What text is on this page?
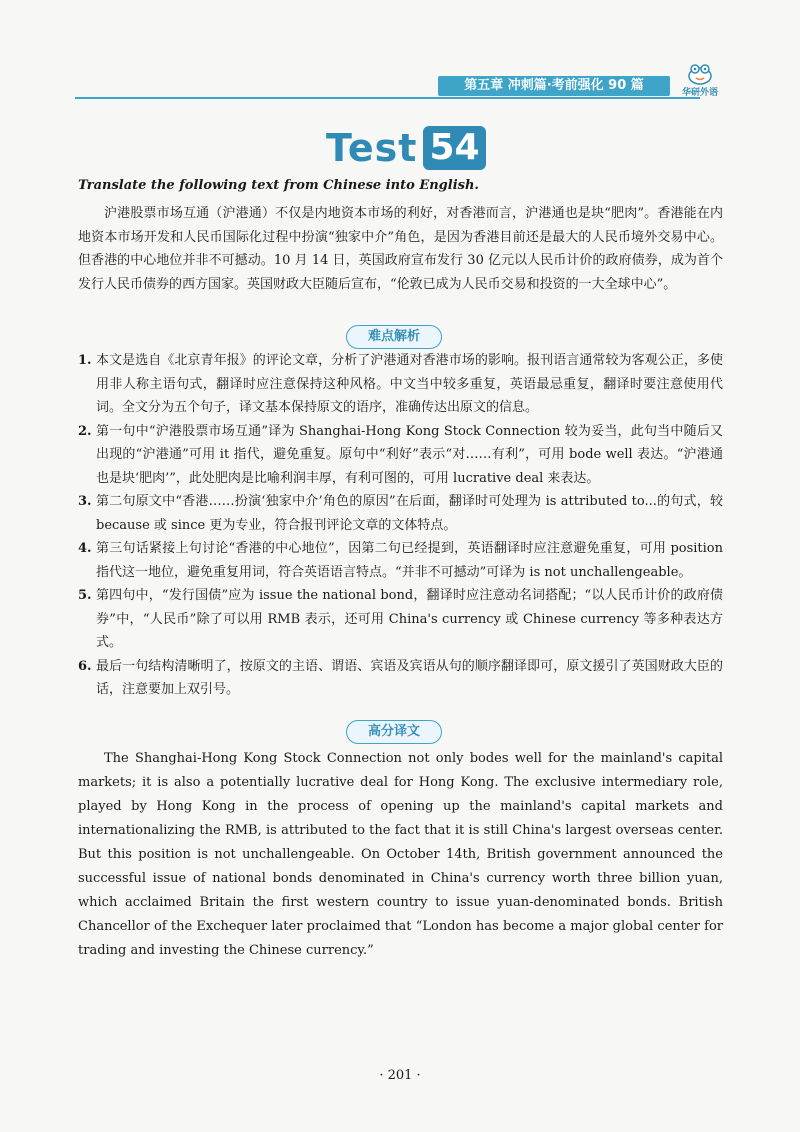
第五章 冲刺篇·考前强化 90 篇	华研外语
Test 54
Translate the following text from Chinese into English.

沪港股票市场互通（沪港通）不仅是内地资本市场的利好，对香港而言，沪港通也是块“肥肉”。香港能在内地资本市场开发和人民币国际化过程中扮演“独家中介”角色，是因为香港目前还是最大的人民币境外交易中心。但香港的中心地位并非不可撼动。10 月 14 日，英国政府宣布发行 30 亿元以人民币计价的政府债券，成为首个发行人民币债券的西方国家。英国财政大臣随后宣布，“伦敦已成为人民币交易和投资的一大全球中心”。

难点解析
1. 本文是选自《北京青年报》的评论文章，分析了沪港通对香港市场的影响。报刊语言通常较为客观公正，多使用非人称主语句式，翻译时应注意保持这种风格。中文当中较多重复，英语最忌重复，翻译时要注意使用代词。全文分为五个句子，译文基本保持原文的语序，准确传达出原文的信息。
2. 第一句中“沪港股票市场互通”译为 Shanghai-Hong Kong Stock Connection 较为妥当，此句当中随后又出现的“沪港通”可用 it 指代，避免重复。原句中“利好”表示“对……有利”，可用 bode well 表达。“沪港通也是块‘肥肉’”，此处肥肉是比喻利润丰厚，有利可图的，可用 lucrative deal 来表达。
3. 第二句原文中“香港……扮演‘独家中介’角色的原因”在后面，翻译时可处理为 is attributed to...的句式，较 because 或 since 更为专业，符合报刊评论文章的文体特点。
4. 第三句话紧接上句讨论“香港的中心地位”，因第二句已经提到，英语翻译时应注意避免重复，可用 position 指代这一地位，避免重复用词，符合英语语言特点。“并非不可撼动”可译为 is not unchallengeable。
5. 第四句中，“发行国债”应为 issue the national bond，翻译时应注意动名词搭配；“以人民币计价的政府债券”中，“人民币”除了可以用 RMB 表示，还可用 China's currency 或 Chinese currency 等多种表达方式。
6. 最后一句结构清晰明了，按原文的主语、谓语、宾语及宾语从句的顺序翻译即可，原文援引了英国财政大臣的话，注意要加上双引号。
高分译文

The Shanghai-Hong Kong Stock Connection not only bodes well for the mainland's capital markets; it is also a potentially lucrative deal for Hong Kong. The exclusive intermediary role, played by Hong Kong in the process of opening up the mainland's capital markets and internationalizing the RMB, is attributed to the fact that it is still China's largest overseas center. But this position is not unchallengeable. On October 14th, British government announced the successful issue of national bonds denominated in China's currency worth three billion yuan, which acclaimed Britain the first western country to issue yuan-denominated bonds. British Chancellor of the Exchequer later proclaimed that “London has become a major global center for trading and investing the Chinese currency.”

· 201 ·
